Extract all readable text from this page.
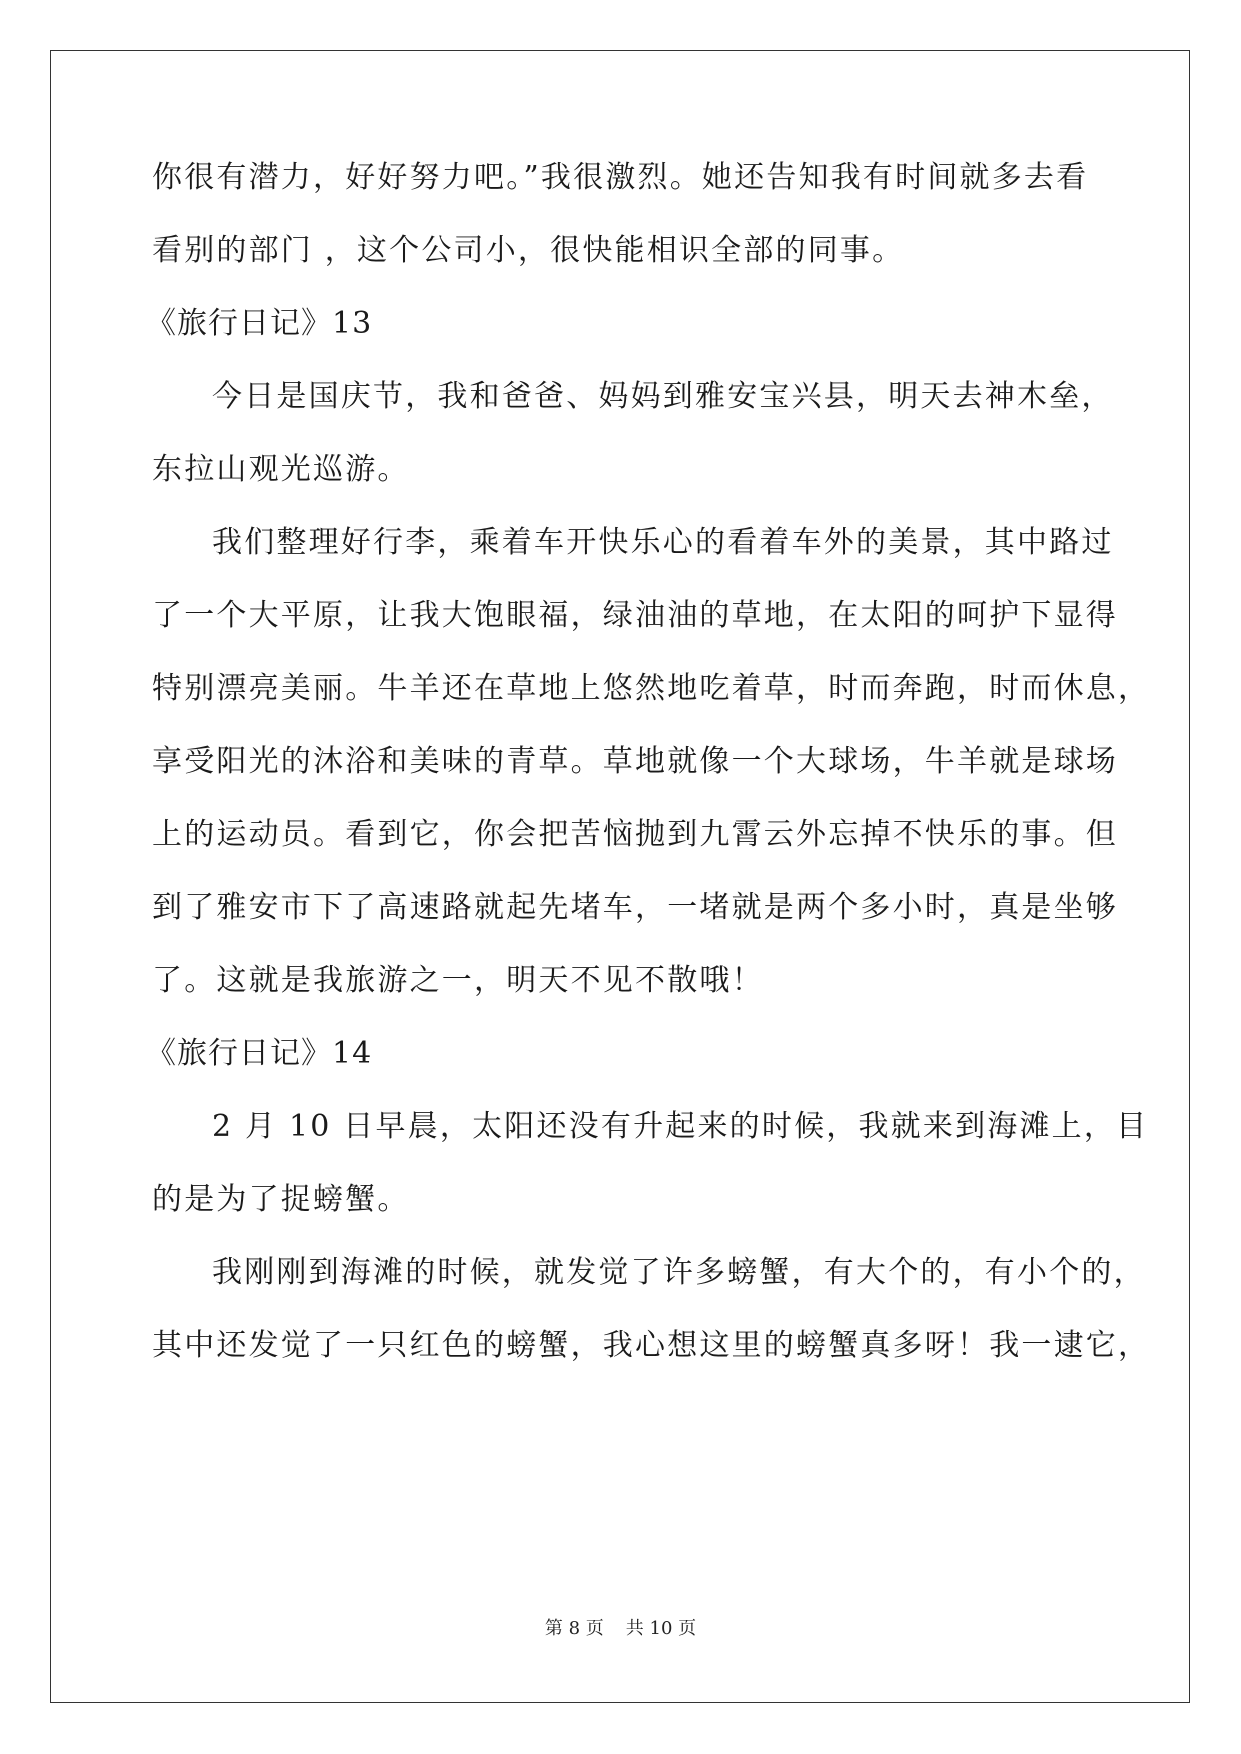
你很有潜力，好好努力吧。”我很激烈。她还告知我有时间就多去看
看别的部门 ，这个公司小，很快能相识全部的同事。
《旅行日记》13
今日是国庆节，我和爸爸、妈妈到雅安宝兴县，明天去神木垒，
东拉山观光巡游。
我们整理好行李，乘着车开快乐心的看着车外的美景，其中路过
了一个大平原，让我大饱眼福，绿油油的草地，在太阳的呵护下显得
特别漂亮美丽。牛羊还在草地上悠然地吃着草，时而奔跑，时而休息，
享受阳光的沐浴和美味的青草。草地就像一个大球场，牛羊就是球场
上的运动员。看到它，你会把苦恼抛到九霄云外忘掉不快乐的事。但
到了雅安市下了高速路就起先堵车，一堵就是两个多小时，真是坐够
了。这就是我旅游之一，明天不见不散哦！
《旅行日记》14
2 月 10 日早晨，太阳还没有升起来的时候，我就来到海滩上，目
的是为了捉螃蟹。
我刚刚到海滩的时候，就发觉了许多螃蟹，有大个的，有小个的，
其中还发觉了一只红色的螃蟹，我心想这里的螃蟹真多呀！我一逮它，
第 8 页 共 10 页
